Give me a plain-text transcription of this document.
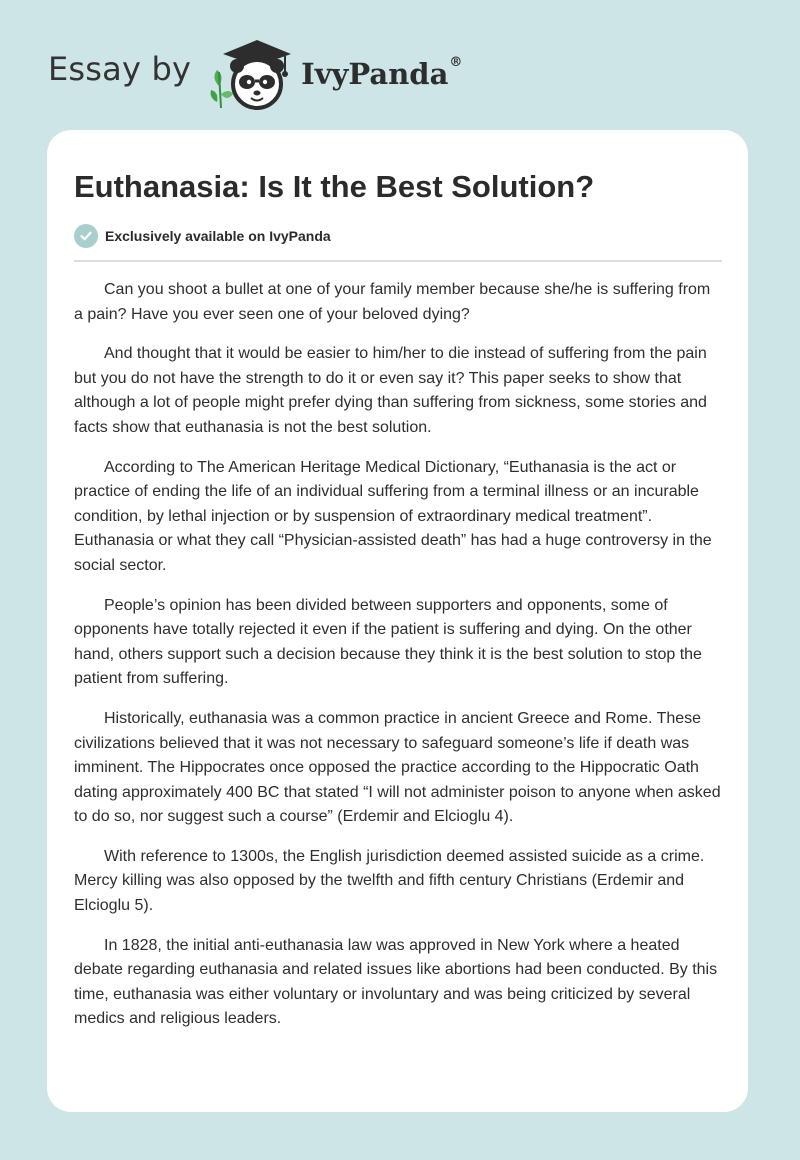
Essay by	IvyPanda®
Euthanasia: Is It the Best Solution?
Exclusively available on IvyPanda

Can you shoot a bullet at one of your family member because she/he is suffering from a pain? Have you ever seen one of your beloved dying?

And thought that it would be easier to him/her to die instead of suffering from the pain but you do not have the strength to do it or even say it? This paper seeks to show that although a lot of people might prefer dying than suffering from sickness, some stories and facts show that euthanasia is not the best solution.

According to The American Heritage Medical Dictionary, “Euthanasia is the act or practice of ending the life of an individual suffering from a terminal illness or an incurable condition, by lethal injection or by suspension of extraordinary medical treatment”. Euthanasia or what they call “Physician-assisted death” has had a huge controversy in the social sector.

People’s opinion has been divided between supporters and opponents, some of opponents have totally rejected it even if the patient is suffering and dying. On the other hand, others support such a decision because they think it is the best solution to stop the patient from suffering.

Historically, euthanasia was a common practice in ancient Greece and Rome. These civilizations believed that it was not necessary to safeguard someone’s life if death was imminent. The Hippocrates once opposed the practice according to the Hippocratic Oath dating approximately 400 BC that stated “I will not administer poison to anyone when asked to do so, nor suggest such a course” (Erdemir and Elcioglu 4).

With reference to 1300s, the English jurisdiction deemed assisted suicide as a crime. Mercy killing was also opposed by the twelfth and fifth century Christians (Erdemir and Elcioglu 5).

In 1828, the initial anti-euthanasia law was approved in New York where a heated debate regarding euthanasia and related issues like abortions had been conducted. By this time, euthanasia was either voluntary or involuntary and was being criticized by several medics and religious leaders.
